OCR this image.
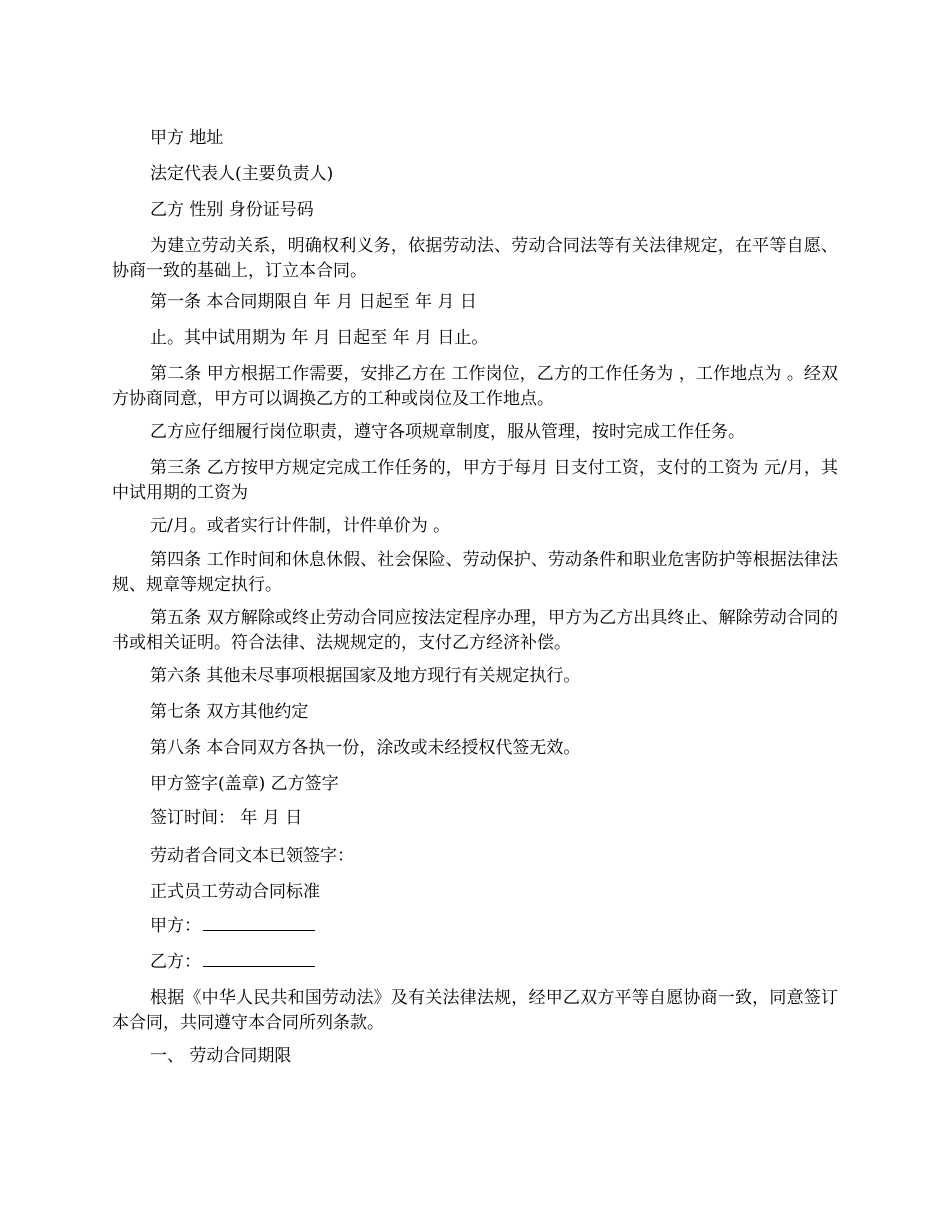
甲方 地址

法定代表人(主要负责人)

乙方 性别 身份证号码

为建立劳动关系，明确权利义务，依据劳动法、劳动合同法等有关法律规定，在平等自愿、协商一致的基础上，订立本合同。

第一条 本合同期限自 年 月 日起至 年 月 日

止。其中试用期为 年 月 日起至 年 月 日止。

第二条 甲方根据工作需要，安排乙方在 工作岗位，乙方的工作任务为 ，工作地点为 。经双方协商同意，甲方可以调换乙方的工种或岗位及工作地点。

乙方应仔细履行岗位职责，遵守各项规章制度，服从管理，按时完成工作任务。

第三条 乙方按甲方规定完成工作任务的，甲方于每月 日支付工资，支付的工资为 元/月，其中试用期的工资为

元/月。或者实行计件制，计件单价为 。

第四条 工作时间和休息休假、社会保险、劳动保护、劳动条件和职业危害防护等根据法律法规、规章等规定执行。

第五条 双方解除或终止劳动合同应按法定程序办理，甲方为乙方出具终止、解除劳动合同的书或相关证明。符合法律、法规规定的，支付乙方经济补偿。

第六条 其他未尽事项根据国家及地方现行有关规定执行。

第七条 双方其他约定

第八条 本合同双方各执一份，涂改或未经授权代签无效。

甲方签字(盖章) 乙方签字

签订时间： 年 月 日

劳动者合同文本已领签字：

正式员工劳动合同标准

甲方：

乙方：

根据《中华人民共和国劳动法》及有关法律法规，经甲乙双方平等自愿协商一致，同意签订本合同，共同遵守本合同所列条款。

一、 劳动合同期限
